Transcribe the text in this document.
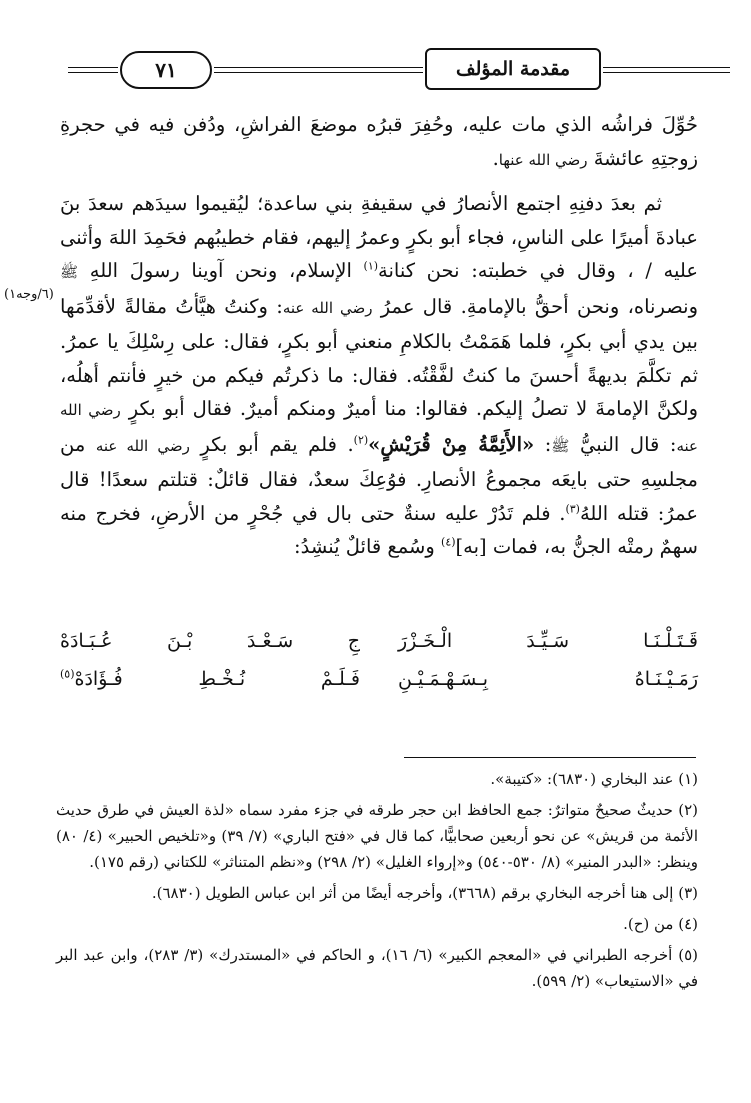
٧١	مقدمة المؤلف
(٦/وجه١)

حُوِّلَ فراشُه الذي مات عليه، وحُفِرَ قبرُه موضعَ الفراشِ، ودُفن فيه في حجرةِ زوجتِهِ عائشةَ رضي الله عنها.

ثم بعدَ دفنِهِ اجتمع الأنصارُ في سقيفةِ بني ساعدة؛ ليُقيموا سيدَهم سعدَ بنَ عبادةَ أميرًا على الناسِ، فجاء أبو بكرٍ وعمرُ إليهم، فقام خطيبُهم فحَمِدَ اللهَ وأثنى عليه / ، وقال في خطبته: نحن كنانة$^{(١)}$ الإسلام، ونحن آوينا رسولَ اللهِ ﷺ ونصرناه، ونحن أحقُّ بالإمامةِ. قال عمرُ رضي الله عنه: وكنتُ هيَّأتُ مقالةً لأقدِّمَها بين يدي أبي بكرٍ، فلما هَمَمْتُ بالكلامِ منعني أبو بكرٍ، فقال: على رِسْلِكَ يا عمرُ. ثم تكلَّمَ بديهةً أحسنَ ما كنتُ لفَّقْتُه. فقال: ما ذكرتُم فيكم من خيرٍ فأنتم أهلُه، ولكنَّ الإمامةَ لا تصلُ إليكم. فقالوا: منا أميرٌ ومنكم أميرٌ. فقال أبو بكرٍ رضي الله عنه: قال النبيُّ ﷺ: «الأَئِمَّةُ مِنْ قُرَيْشٍ»$^{(٢)}$. فلم يقم أبو بكرٍ رضي الله عنه من مجلسِهِ حتى بايعَه مجموعُ الأنصارِ. فوُعِكَ سعدٌ، فقال قائلٌ: قتلتم سعدًا! قال عمرُ: قتله اللهُ$^{(٣)}$. فلم تَدُرْ عليه سنةٌ حتى بال في جُحْرٍ من الأرضِ، فخرج منه سهمٌ رمتْه الجنُّ به، فمات [به]$^{(٤)}$ وسُمع قائلٌ يُنشِدُ:

قَـتَـلْـنَـا سَـيِّـدَ الْـخَـزْرَ
جِ سَـعْـدَ بْـنَ عُـبَـادَهْ
رَمَـيْـنَـاهُ بِـسَـهْـمَـيْـنِ
فَـلَـمْ نُـخْـطِ فُـؤَادَهْ$^{(٥)}$

(١) عند البخاري (٦٨٣٠): «كتيبة».

(٢) حديثٌ صحيحٌ متواترٌ: جمع الحافظ ابن حجر طرقه في جزء مفرد سماه «لذة العيش في طرق حديث الأئمة من قريش» عن نحو أربعين صحابيًّا، كما قال في «فتح الباري» (٧/ ٣٩) و«تلخيص الحبير» (٤/ ٨٠) وينظر: «البدر المنير» (٨/ ٥٣٠-٥٤٠) و«إرواء الغليل» (٢/ ٢٩٨) و«نظم المتناثر» للكتاني (رقم ١٧٥).

(٣) إلى هنا أخرجه البخاري برقم (٣٦٦٨)، وأخرجه أيضًا من أثر ابن عباس الطويل (٦٨٣٠).

(٤) من (ح).

(٥) أخرجه الطبراني في «المعجم الكبير» (٦/ ١٦)، و الحاكم في «المستدرك» (٣/ ٢٨٣)، وابن عبد البر في «الاستيعاب» (٢/ ٥٩٩).
